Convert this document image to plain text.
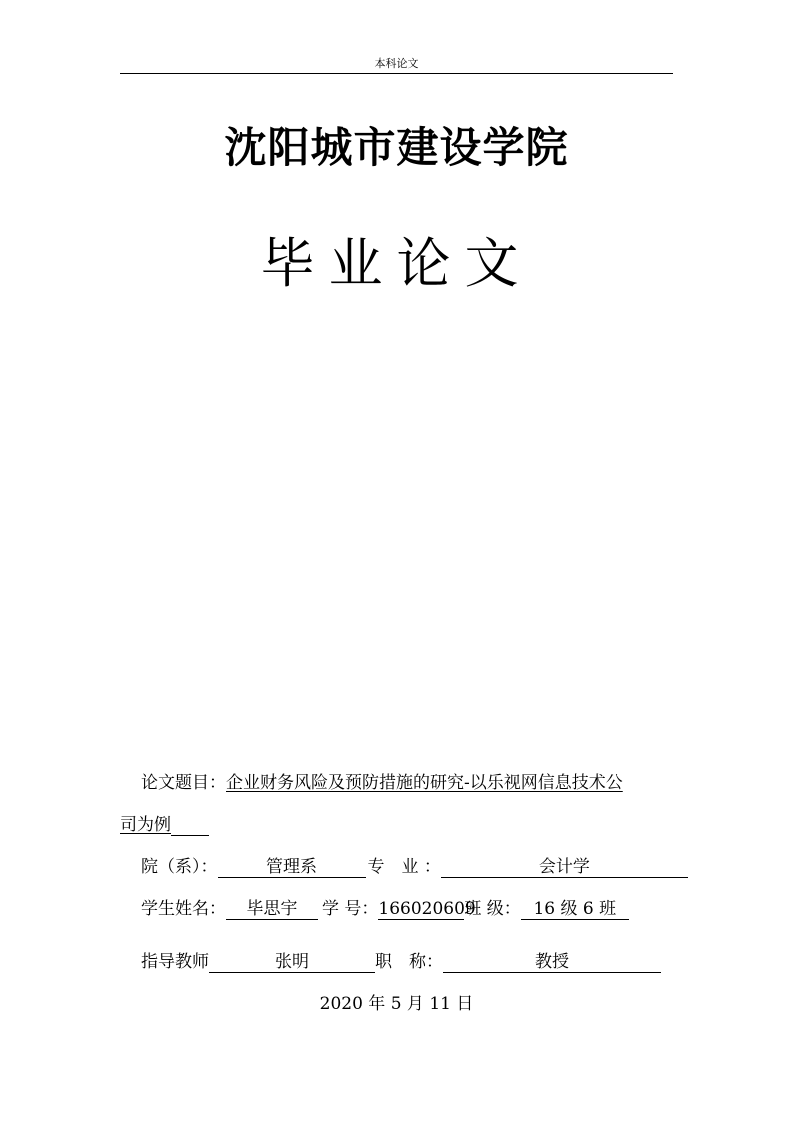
本科论文
沈阳城市建设学院
毕业论文
论文题目：企业财务风险及预防措施的研究-以乐视网信息技术公
司为例
院（系）：	管理系	专　业 ：	会计学
学生姓名： 毕思宇 学 号：166020609班 级： 16 级 6 班
指导教师	张明	职　称：	教授
2020 年 5 月 11 日
